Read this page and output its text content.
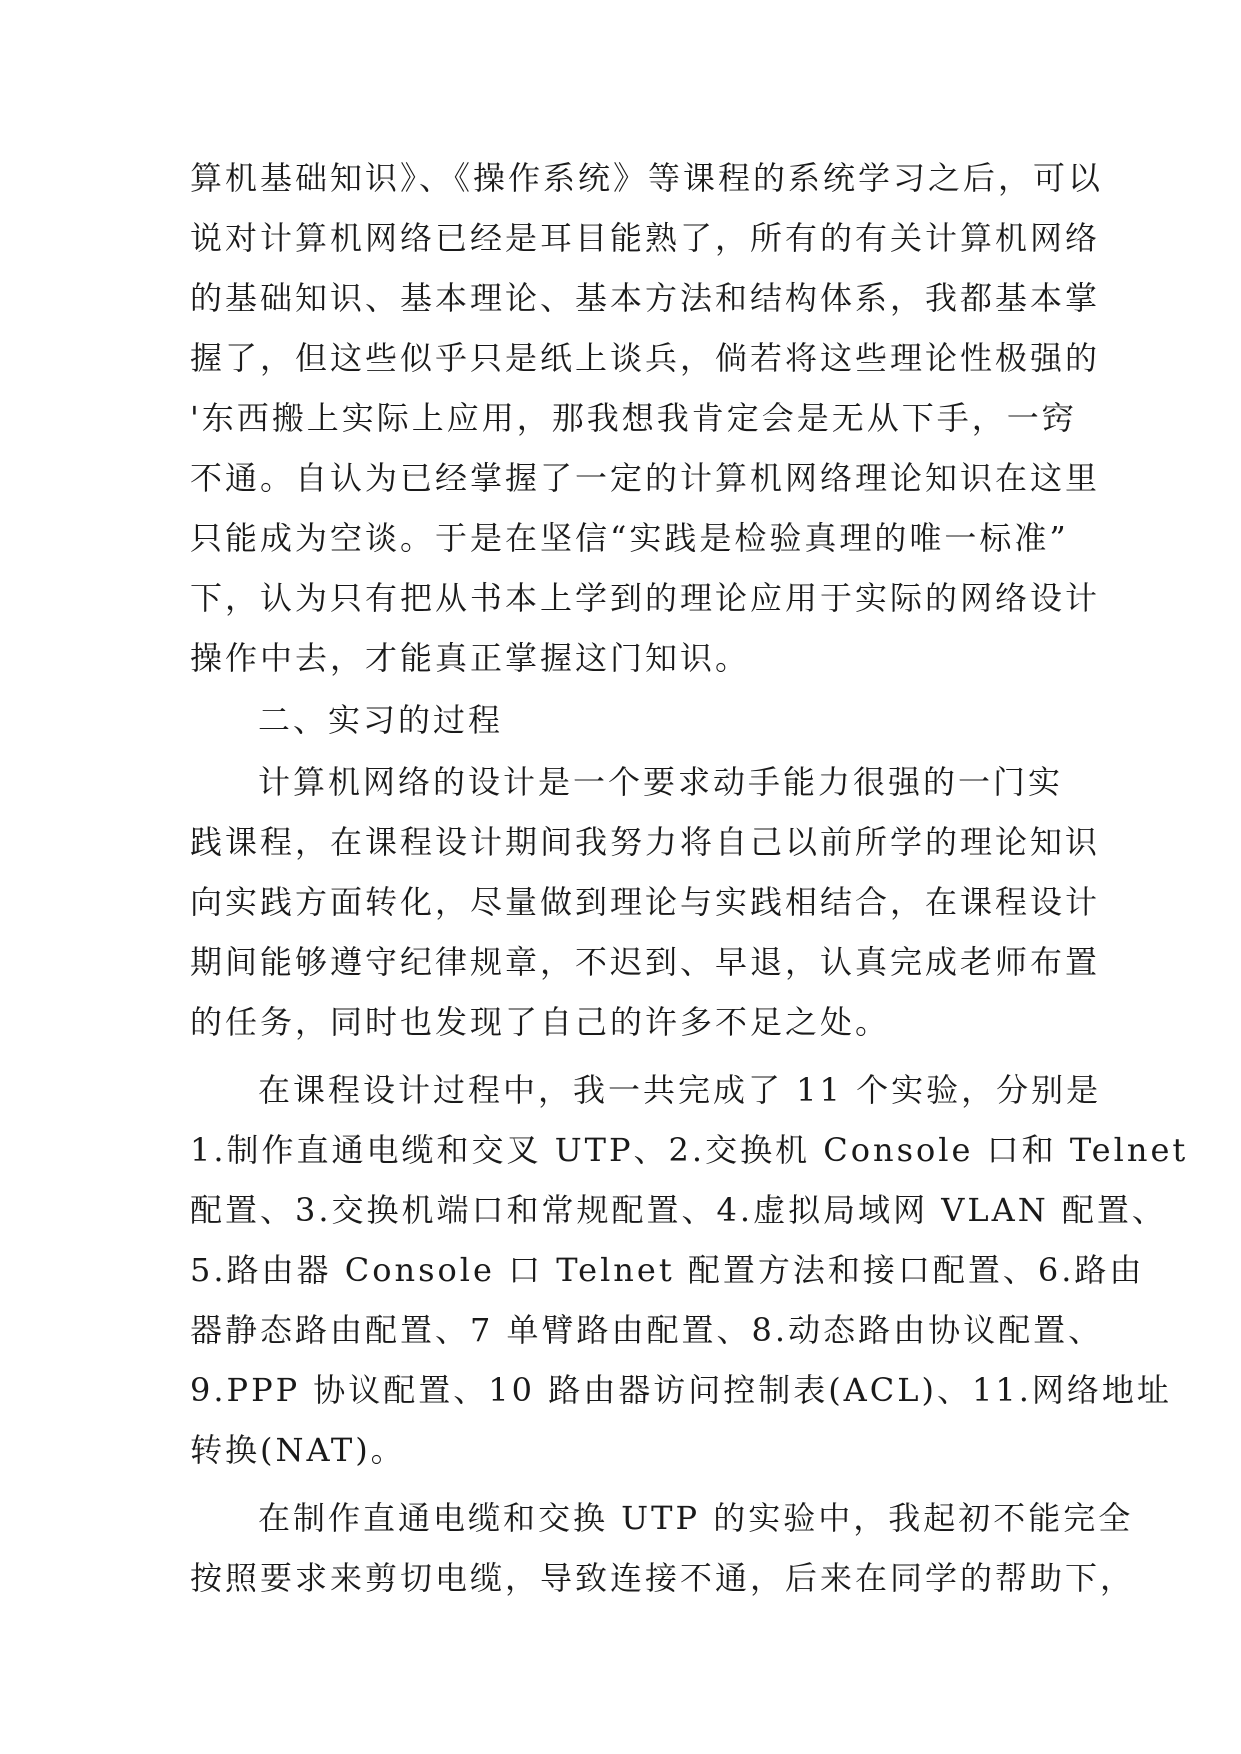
算机基础知识》、《操作系统》等课程的系统学习之后，可以
说对计算机网络已经是耳目能熟了，所有的有关计算机网络
的基础知识、基本理论、基本方法和结构体系，我都基本掌
握了，但这些似乎只是纸上谈兵，倘若将这些理论性极强的
'东西搬上实际上应用，那我想我肯定会是无从下手，一窍
不通。自认为已经掌握了一定的计算机网络理论知识在这里
只能成为空谈。于是在坚信“实践是检验真理的唯一标准”
下，认为只有把从书本上学到的理论应用于实际的网络设计
操作中去，才能真正掌握这门知识。
二、实习的过程
计算机网络的设计是一个要求动手能力很强的一门实
践课程，在课程设计期间我努力将自己以前所学的理论知识
向实践方面转化，尽量做到理论与实践相结合，在课程设计
期间能够遵守纪律规章，不迟到、早退，认真完成老师布置
的任务，同时也发现了自己的许多不足之处。
在课程设计过程中，我一共完成了 11 个实验，分别是
1.制作直通电缆和交叉 UTP、2.交换机 Console 口和 Telnet
配置、3.交换机端口和常规配置、4.虚拟局域网 VLAN 配置、
5.路由器 Console 口 Telnet 配置方法和接口配置、6.路由
器静态路由配置、7 单臂路由配置、8.动态路由协议配置、
9.PPP 协议配置、10 路由器访问控制表(ACL)、11.网络地址
转换(NAT)。
在制作直通电缆和交换 UTP 的实验中，我起初不能完全
按照要求来剪切电缆，导致连接不通，后来在同学的帮助下，
